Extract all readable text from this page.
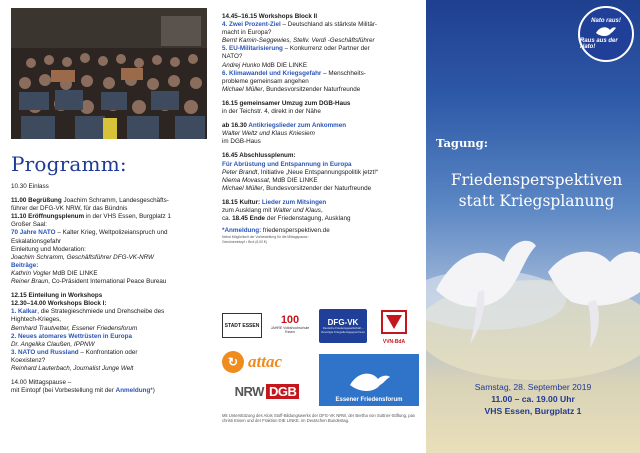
Programm:
10.30 Einlass
11.00 Begrüßung Joachim Schramm, Landesgeschäfts-
führer der DFG-VK NRW, für das Bündnis
11.10 Eröffnungsplenum in der VHS Essen, Burgplatz 1
Großer Saal:
70 Jahre NATO – Kalter Krieg, Weltpolizeianspruch und
Eskalationsgefahr
Einleitung und Moderation:
Joachim Schramm, Geschäftsführer DFG-VK-NRW
Beiträge:
Kathrin Vogler MdB DIE LINKE
Reiner Braun, Co-Präsident International Peace Bureau
12.15 Einteilung in Workshops
12.30–14.00 Workshops Block I:
1. Kalkar, die Strategieschmiede und Drehscheibe des
Hightech-Krieges,
Bernhard Trautvetter, Essener Friedensforum
2. Neues atomares Wettrüsten in Europa
Dr. Angelika Claußen, IPPNW
3. NATO und Russland – Konfrontation oder
Koexistenz?
Reinhard Lauterbach, Journalist Junge Welt
14.00 Mittagspause –
mit Eintopf (bei Vorbestellung mit der Anmeldung*)
14.45–16.15 Workshops Block II
4. Zwei Prozent-Ziel – Deutschland als stärkste Militär-
macht in Europa?
Bernt Kamin-Seggewies, Stellv. Verdi -Geschäftsführer
5. EU-Militarisierung – Konkurrenz oder Partner der
NATO?
Andrej Hunko MdB DIE LINKE
6. Klimawandel und Kriegsgefahr – Menschheits-
probleme gemeinsam angehen
Michael Müller, Bundesvorsitzender Naturfreunde
16.15 gemeinsamer Umzug zum DGB-Haus
in der Teichstr. 4, direkt in der Nähe
ab 16.30 Antikriegslieder zum Ankommen
Walter Weltz und Klaus Kniesiem
im DGB-Haus
16.45 Abschlussplenum:
Für Abrüstung und Entspannung in Europa
Peter Brandt, Initiative „Neue Entspannungspolitik jetzt!“
Niema Movassat, MdB DIE LINKE
Michael Müller, Bundesvorsitzender der Naturfreunde
18.15 Kultur: Lieder zum Mitsingen
zum Ausklang mit Walter und Klaus,
ca. 18.45 Ende der Friedenstagung, Ausklang
*Anmeldung: friedensperspektiven.de
Nebst Möglichkeit der Vorbestellung für die Mittagspause:
Gemüseeintopf • Brot (6,00 €)
STADT ESSEN 100
JAHRE Volkshochschule Essen
DFG-VK
Deutsche Friedensgesellschaft – Vereinigte KriegsdienstgegnerInnen
VVN-BdA
↻ attac
NRW DGB
Essener Friedensforum
Mit Unterstützung des Alois Stoff-Bildungswerks der DFG-VK NRW, der Bertha von Suttner-Stiftung, pax christi Essen und der Fraktion DIE LINKE. im Deutschen Bundestag.
Nato raus!
Raus aus der Nato!
Tagung:
Friedensperspektiven
statt Kriegsplanung
Samstag, 28. September 2019
11.00 – ca. 19.00 Uhr
VHS Essen, Burgplatz 1
